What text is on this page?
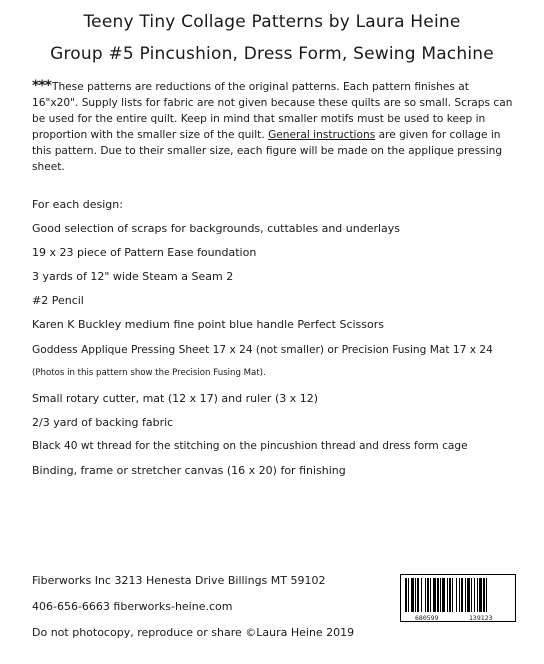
Teeny Tiny Collage Patterns by Laura Heine
Group #5 Pincushion, Dress Form, Sewing Machine
***These patterns are reductions of the original patterns. Each pattern finishes at 16"x20". Supply lists for fabric are not given because these quilts are so small. Scraps can be used for the entire quilt. Keep in mind that smaller motifs must be used to keep in proportion with the smaller size of the quilt. General instructions are given for collage in this pattern. Due to their smaller size, each figure will be made on the applique pressing sheet.
For each design:
Good selection of scraps for backgrounds, cuttables and underlays
19 x 23 piece of Pattern Ease foundation
3 yards of 12" wide Steam a Seam 2
#2 Pencil
Karen K Buckley medium fine point blue handle Perfect Scissors
Goddess Applique Pressing Sheet 17 x 24 (not smaller) or Precision Fusing Mat 17 x 24
(Photos in this pattern show the Precision Fusing Mat).
Small rotary cutter, mat (12 x 17) and ruler (3 x 12)
2/3 yard of backing fabric
Black 40 wt thread for the stitching on the pincushion thread and dress form cage
Binding, frame or stretcher canvas (16 x 20) for finishing
Fiberworks Inc 3213 Henesta Drive Billings MT 59102
406-656-6663 fiberworks-heine.com
Do not photocopy, reproduce or share ©Laura Heine 2019
680599	139123
